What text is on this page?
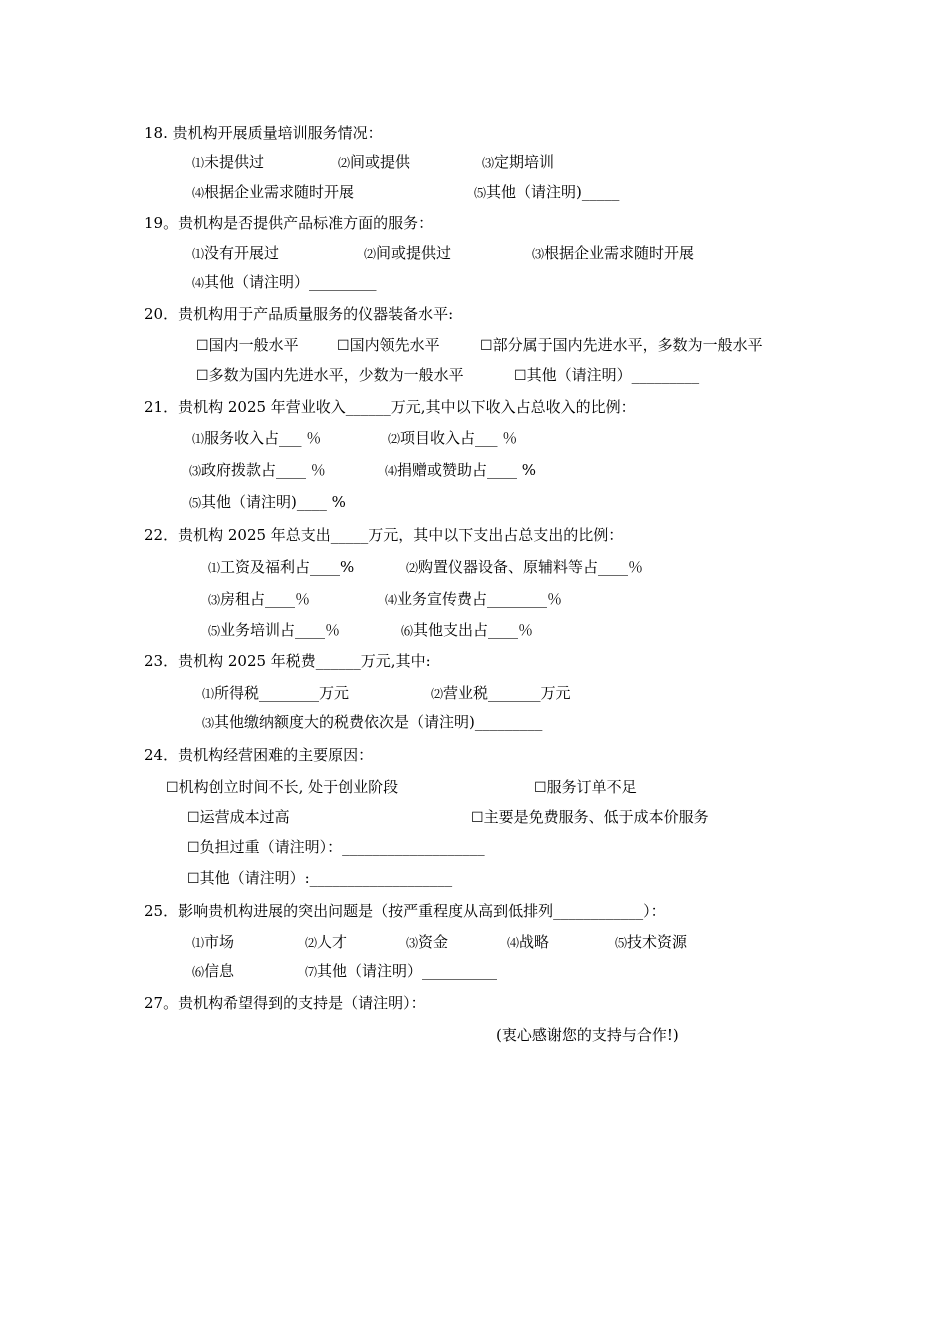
18. 贵机构开展质量培训服务情况：
⑴未提供过	⑵间或提供	⑶定期培训
⑷根据企业需求随时开展	⑸其他（请注明)_____
19。贵机构是否提供产品标准方面的服务：
⑴没有开展过	⑵间或提供过	⑶根据企业需求随时开展
⑷其他（请注明）_________
20．贵机构用于产品质量服务的仪器装备水平:
☐国内一般水平	☐国内领先水平	☐部分属于国内先进水平，多数为一般水平
☐多数为国内先进水平，少数为一般水平	☐其他（请注明）_________
21．贵机构 2025 年营业收入______万元,其中以下收入占总收入的比例：
⑴服务收入占___ ％	⑵项目收入占___ ％
⑶政府拨款占____ ％	⑷捐赠或赞助占____ %
⑸其他（请注明)____ %
22．贵机构 2025 年总支出_____万元，其中以下支出占总支出的比例：
⑴工资及福利占____%	⑵购置仪器设备、原辅料等占____％
⑶房租占____％	⑷业务宣传费占________％
⑸业务培训占____％	⑹其他支出占____％
23．贵机构 2025 年税费______万元,其中:
⑴所得税________万元	⑵营业税_______万元
⑶其他缴纳额度大的税费依次是（请注明)_________
24．贵机构经营困难的主要原因：
☐机构创立时间不长, 处于创业阶段	☐服务订单不足
☐运营成本过高	☐主要是免费服务、低于成本价服务
☐负担过重（请注明）：___________________
☐其他（请注明）:___________________
25．影响贵机构进展的突出问题是（按严重程度从高到低排列____________）：
⑴市场	⑵人才	⑶资金	⑷战略	⑸技术资源
⑹信息	⑺其他（请注明）__________
27。贵机构希望得到的支持是（请注明）：
(衷心感谢您的支持与合作!)
